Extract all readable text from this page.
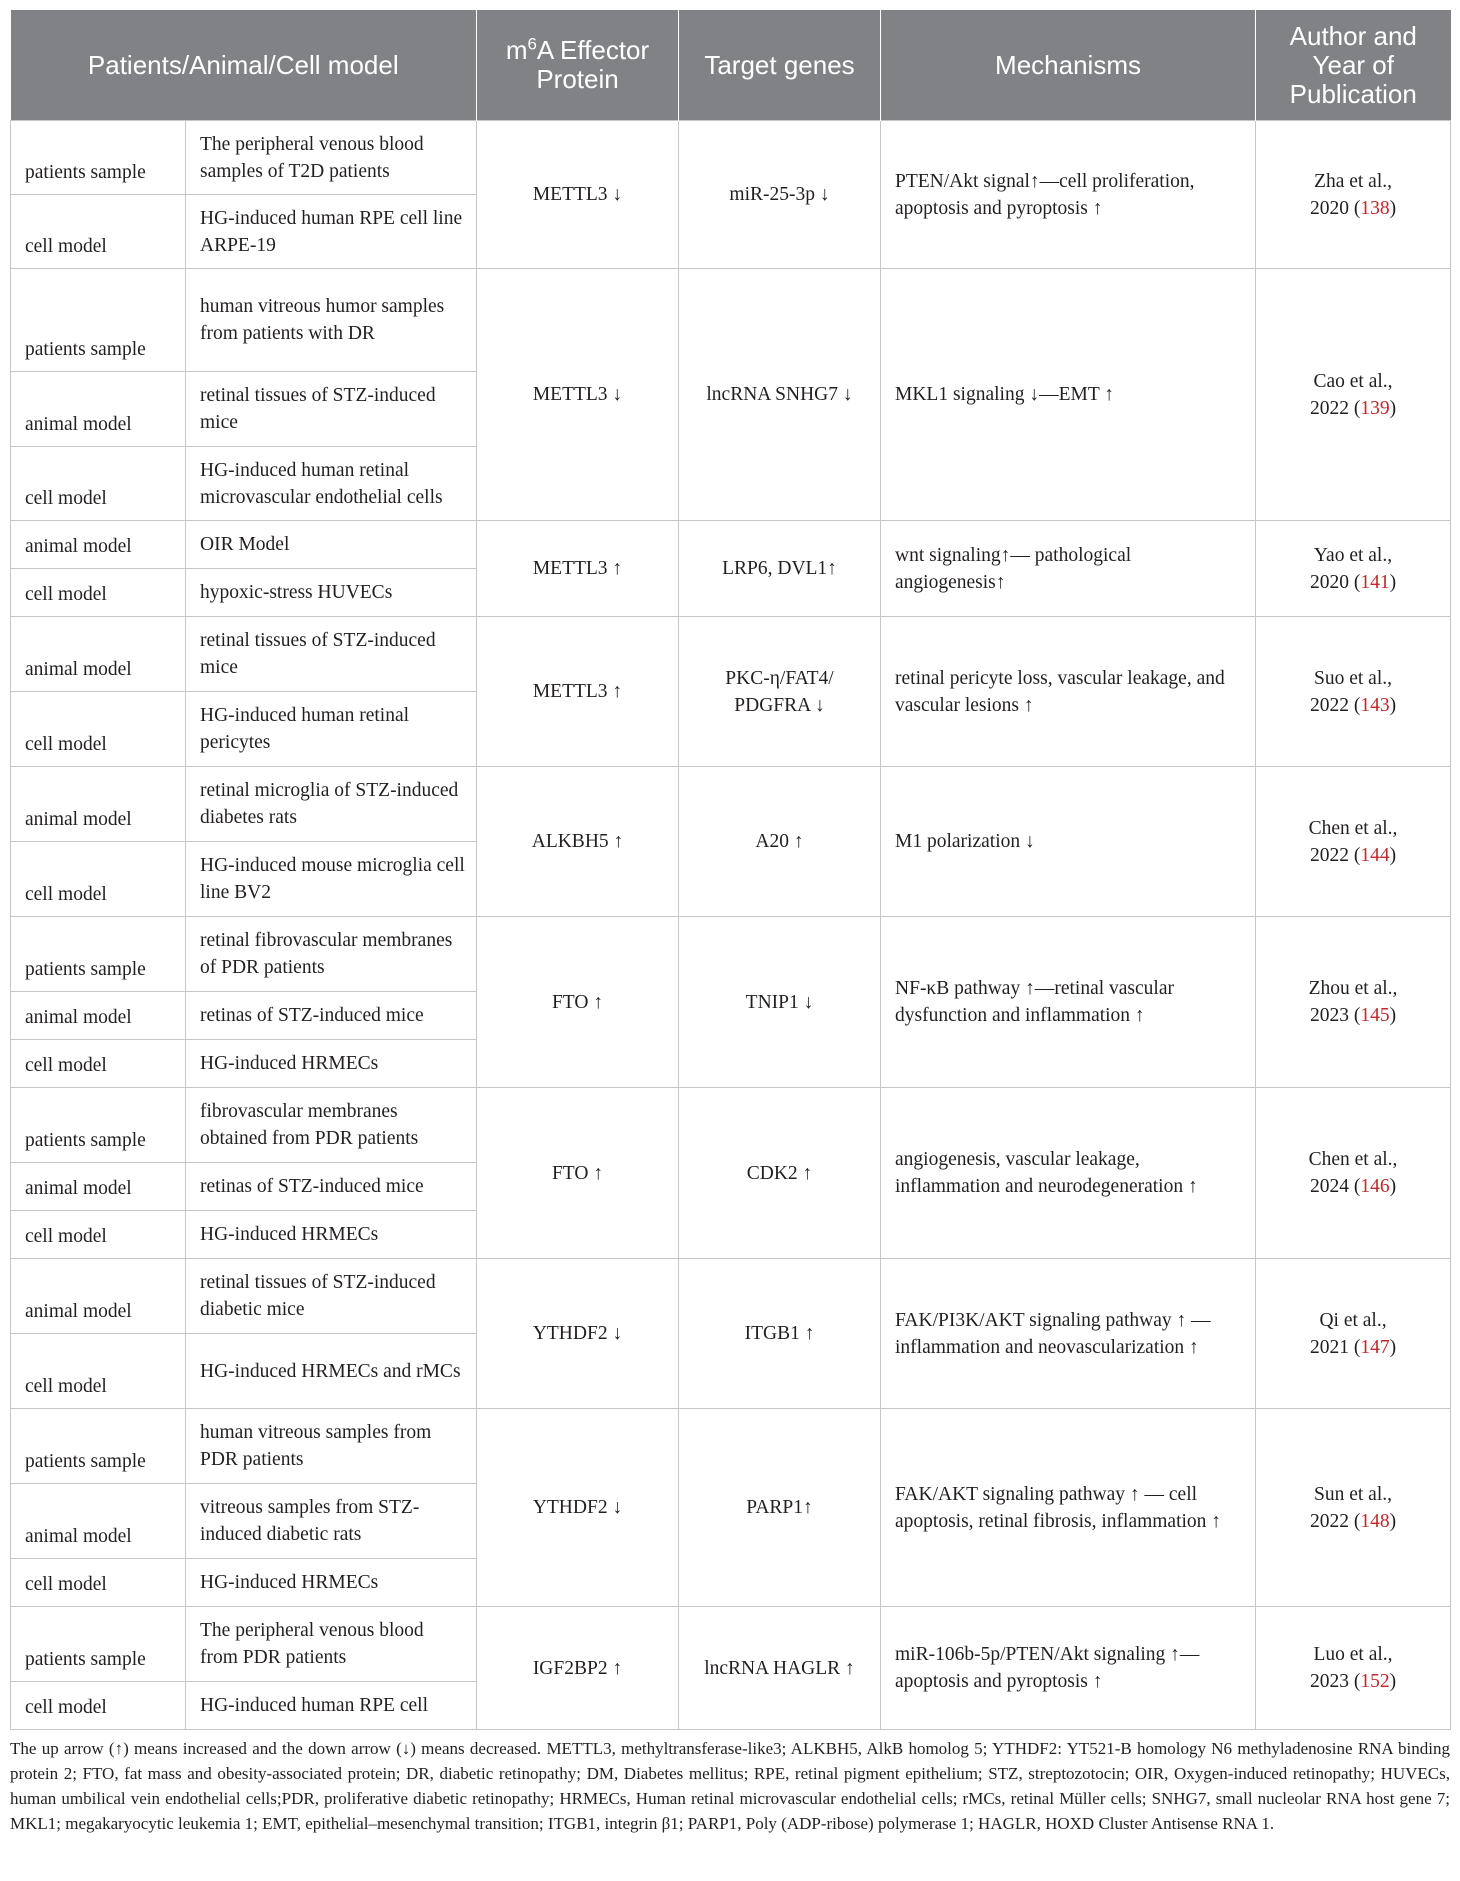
Patients/Animal/Cell model		$m^6A$ Effector Protein	Target genes	Mechanisms	Author and Year of Publication
patients sample	The peripheral venous blood samples of T2D patients	METTL3 ↓	miR-25-3p ↓	PTEN/Akt signal↑—cell proliferation, apoptosis and pyroptosis ↑	Zha et al.,
2020 (138)
cell model	HG-induced human RPE cell line ARPE-19				
patients sample	human vitreous humor samples from patients with DR	METTL3 ↓	lncRNA SNHG7 ↓	MKL1 signaling ↓—EMT ↑	Cao et al.,
2022 (139)
animal model	retinal tissues of STZ-induced mice				
cell model	HG-induced human retinal microvascular endothelial cells				
animal model	OIR Model	METTL3 ↑	LRP6, DVL1↑	wnt signaling↑— pathological angiogenesis↑	Yao et al.,
2020 (141)
cell model	hypoxic-stress HUVECs				
animal model	retinal tissues of STZ-induced mice	METTL3 ↑	PKC-η/FAT4/ PDGFRA ↓	retinal pericyte loss, vascular leakage, and vascular lesions ↑	Suo et al.,
2022 (143)
cell model	HG-induced human retinal pericytes				
animal model	retinal microglia of STZ-induced diabetes rats	ALKBH5 ↑	A20 ↑	M1 polarization ↓	Chen et al.,
2022 (144)
cell model	HG-induced mouse microglia cell line BV2				
patients sample	retinal fibrovascular membranes of PDR patients	FTO ↑	TNIP1 ↓	NF-κB pathway ↑—retinal vascular dysfunction and inflammation ↑	Zhou et al.,
2023 (145)
animal model	retinas of STZ-induced mice				
cell model	HG-induced HRMECs				
patients sample	fibrovascular membranes obtained from PDR patients	FTO ↑	CDK2 ↑	angiogenesis, vascular leakage, inflammation and neurodegeneration ↑	Chen et al.,
2024 (146)
animal model	retinas of STZ-induced mice				
cell model	HG-induced HRMECs				
animal model	retinal tissues of STZ-induced diabetic mice	YTHDF2 ↓	ITGB1 ↑	FAK/PI3K/AKT signaling pathway ↑ — inflammation and neovascularization ↑	Qi et al.,
2021 (147)
cell model	HG-induced HRMECs and rMCs				
patients sample	human vitreous samples from PDR patients	YTHDF2 ↓	PARP1↑	FAK/AKT signaling pathway ↑ — cell apoptosis, retinal fibrosis, inflammation ↑	Sun et al.,
2022 (148)
animal model	vitreous samples from STZ-induced diabetic rats				
cell model	HG-induced HRMECs				
patients sample	The peripheral venous blood from PDR patients	IGF2BP2 ↑	lncRNA HAGLR ↑	miR-106b-5p/PTEN/Akt signaling ↑— apoptosis and pyroptosis ↑	Luo et al.,
2023 (152)
cell model	HG-induced human RPE cell				

The up arrow (↑) means increased and the down arrow (↓) means decreased. METTL3, methyltransferase-like3; ALKBH5, AlkB homolog 5; YTHDF2: YT521-B homology N6 methyladenosine RNA binding protein 2; FTO, fat mass and obesity-associated protein; DR, diabetic retinopathy; DM, Diabetes mellitus; RPE, retinal pigment epithelium; STZ, streptozotocin; OIR, Oxygen-induced retinopathy; HUVECs, human umbilical vein endothelial cells;PDR, proliferative diabetic retinopathy; HRMECs, Human retinal microvascular endothelial cells; rMCs, retinal Müller cells; SNHG7, small nucleolar RNA host gene 7; MKL1; megakaryocytic leukemia 1; EMT, epithelial–mesenchymal transition; ITGB1, integrin β1; PARP1, Poly (ADP-ribose) polymerase 1; HAGLR, HOXD Cluster Antisense RNA 1.
